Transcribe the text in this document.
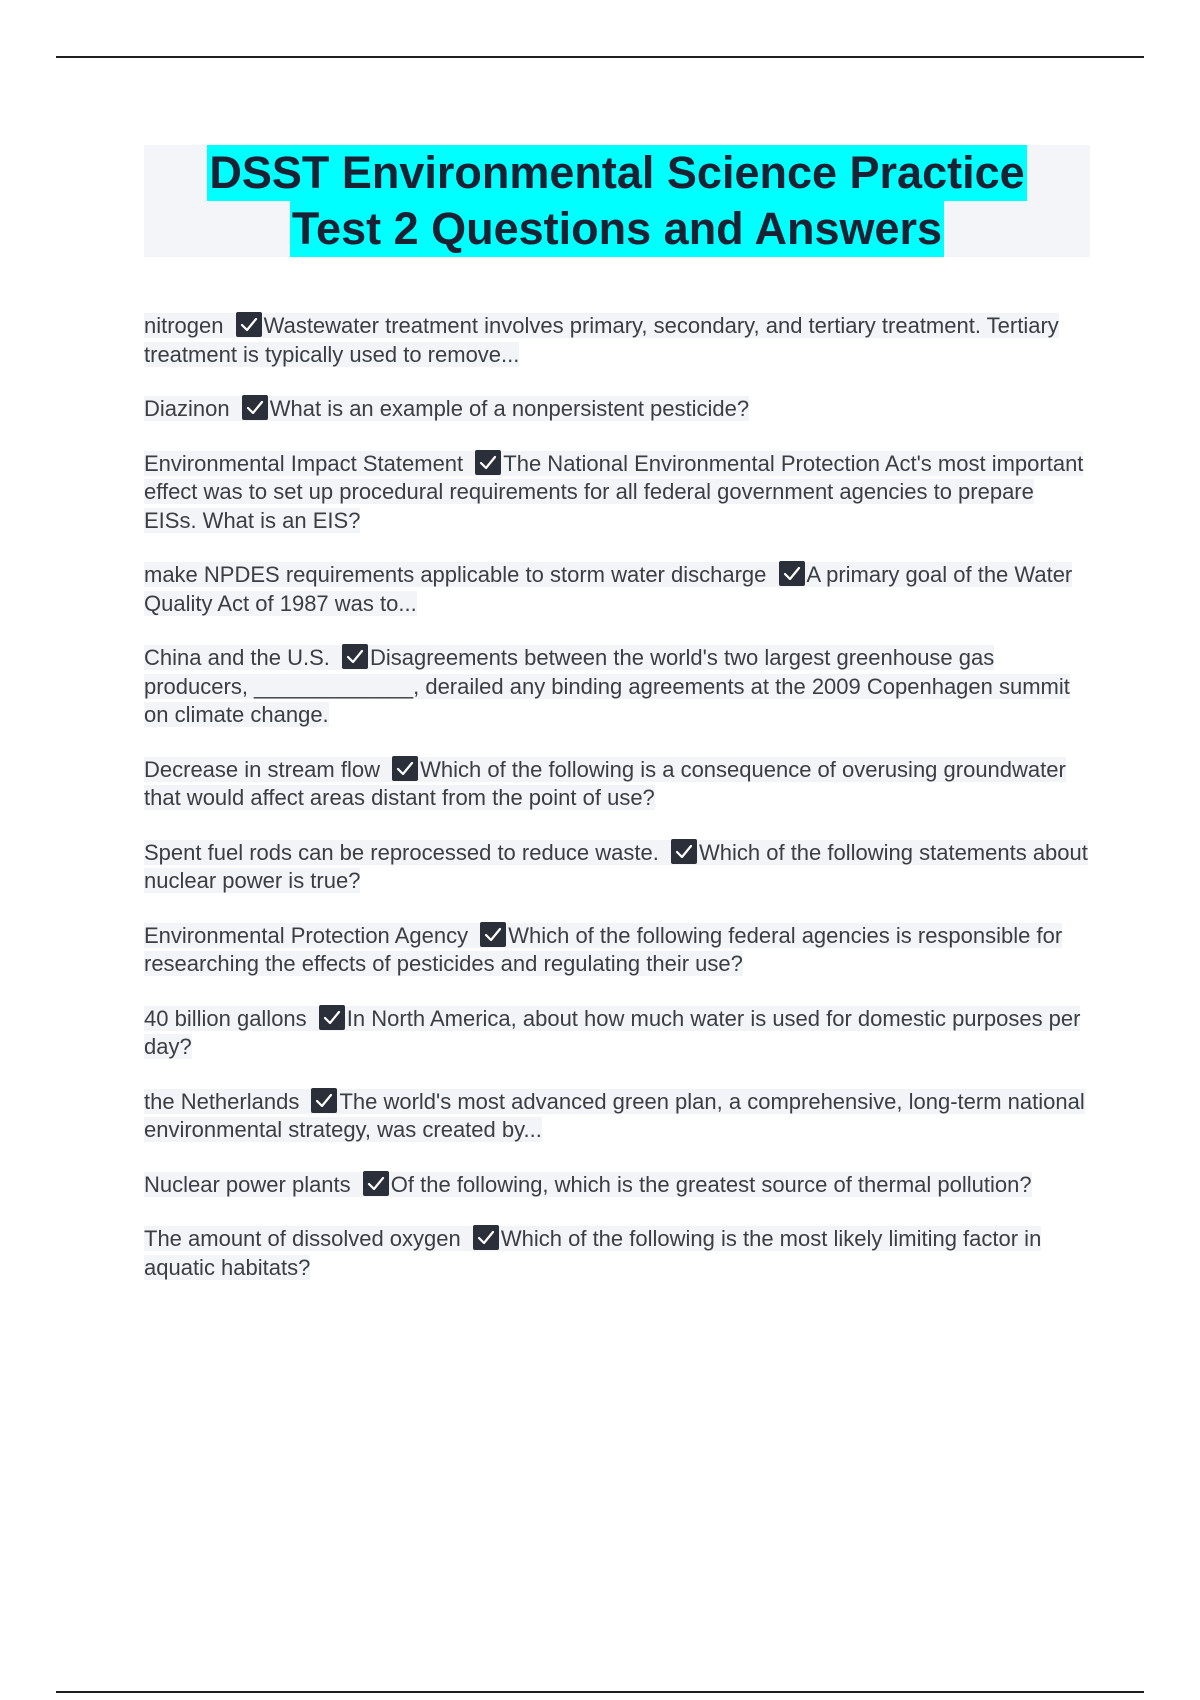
DSST Environmental Science Practice
Test 2 Questions and Answers
nitrogen Wastewater treatment involves primary, secondary, and tertiary treatment. Tertiary treatment is typically used to remove...
Diazinon What is an example of a nonpersistent pesticide?
Environmental Impact Statement The National Environmental Protection Act's most important effect was to set up procedural requirements for all federal government agencies to prepare EISs. What is an EIS?
make NPDES requirements applicable to storm water discharge A primary goal of the Water Quality Act of 1987 was to...
China and the U.S. Disagreements between the world's two largest greenhouse gas producers, _____________, derailed any binding agreements at the 2009 Copenhagen summit on climate change.
Decrease in stream flow Which of the following is a consequence of overusing groundwater that would affect areas distant from the point of use?
Spent fuel rods can be reprocessed to reduce waste. Which of the following statements about nuclear power is true?
Environmental Protection Agency Which of the following federal agencies is responsible for researching the effects of pesticides and regulating their use?
40 billion gallons In North America, about how much water is used for domestic purposes per day?
the Netherlands The world's most advanced green plan, a comprehensive, long-term national environmental strategy, was created by...
Nuclear power plants Of the following, which is the greatest source of thermal pollution?
The amount of dissolved oxygen Which of the following is the most likely limiting factor in aquatic habitats?
